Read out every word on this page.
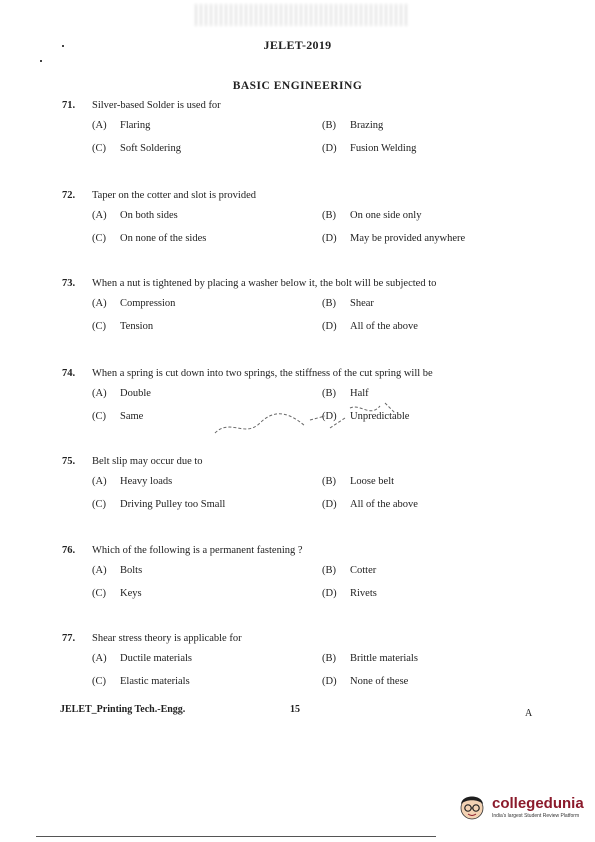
JELET-2019
BASIC ENGINEERING
71.	Silver-based Solder is used for
(A) Flaring	(B) Brazing
(C) Soft Soldering	(D) Fusion Welding
72.	Taper on the cotter and slot is provided
(A) On both sides	(B) On one side only
(C) On none of the sides	(D) May be provided anywhere
73.	When a nut is tightened by placing a washer below it, the bolt will be subjected to
(A) Compression	(B) Shear
(C) Tension	(D) All of the above
74.	When a spring is cut down into two springs, the stiffness of the cut spring will be
(A) Double	(B) Half
(C) Same	(D) Unpredictable
75.	Belt slip may occur due to
(A) Heavy loads	(B) Loose belt
(C) Driving Pulley too Small	(D) All of the above
76.	Which of the following is a permanent fastening ?
(A) Bolts	(B) Cotter
(C) Keys	(D) Rivets
77.	Shear stress theory is applicable for
(A) Ductile materials	(B) Brittle materials
(C) Elastic materials	(D) None of these
JELET_Printing Tech.-Engg.	15	A
collegedunia
India's largest Student Review Platform
